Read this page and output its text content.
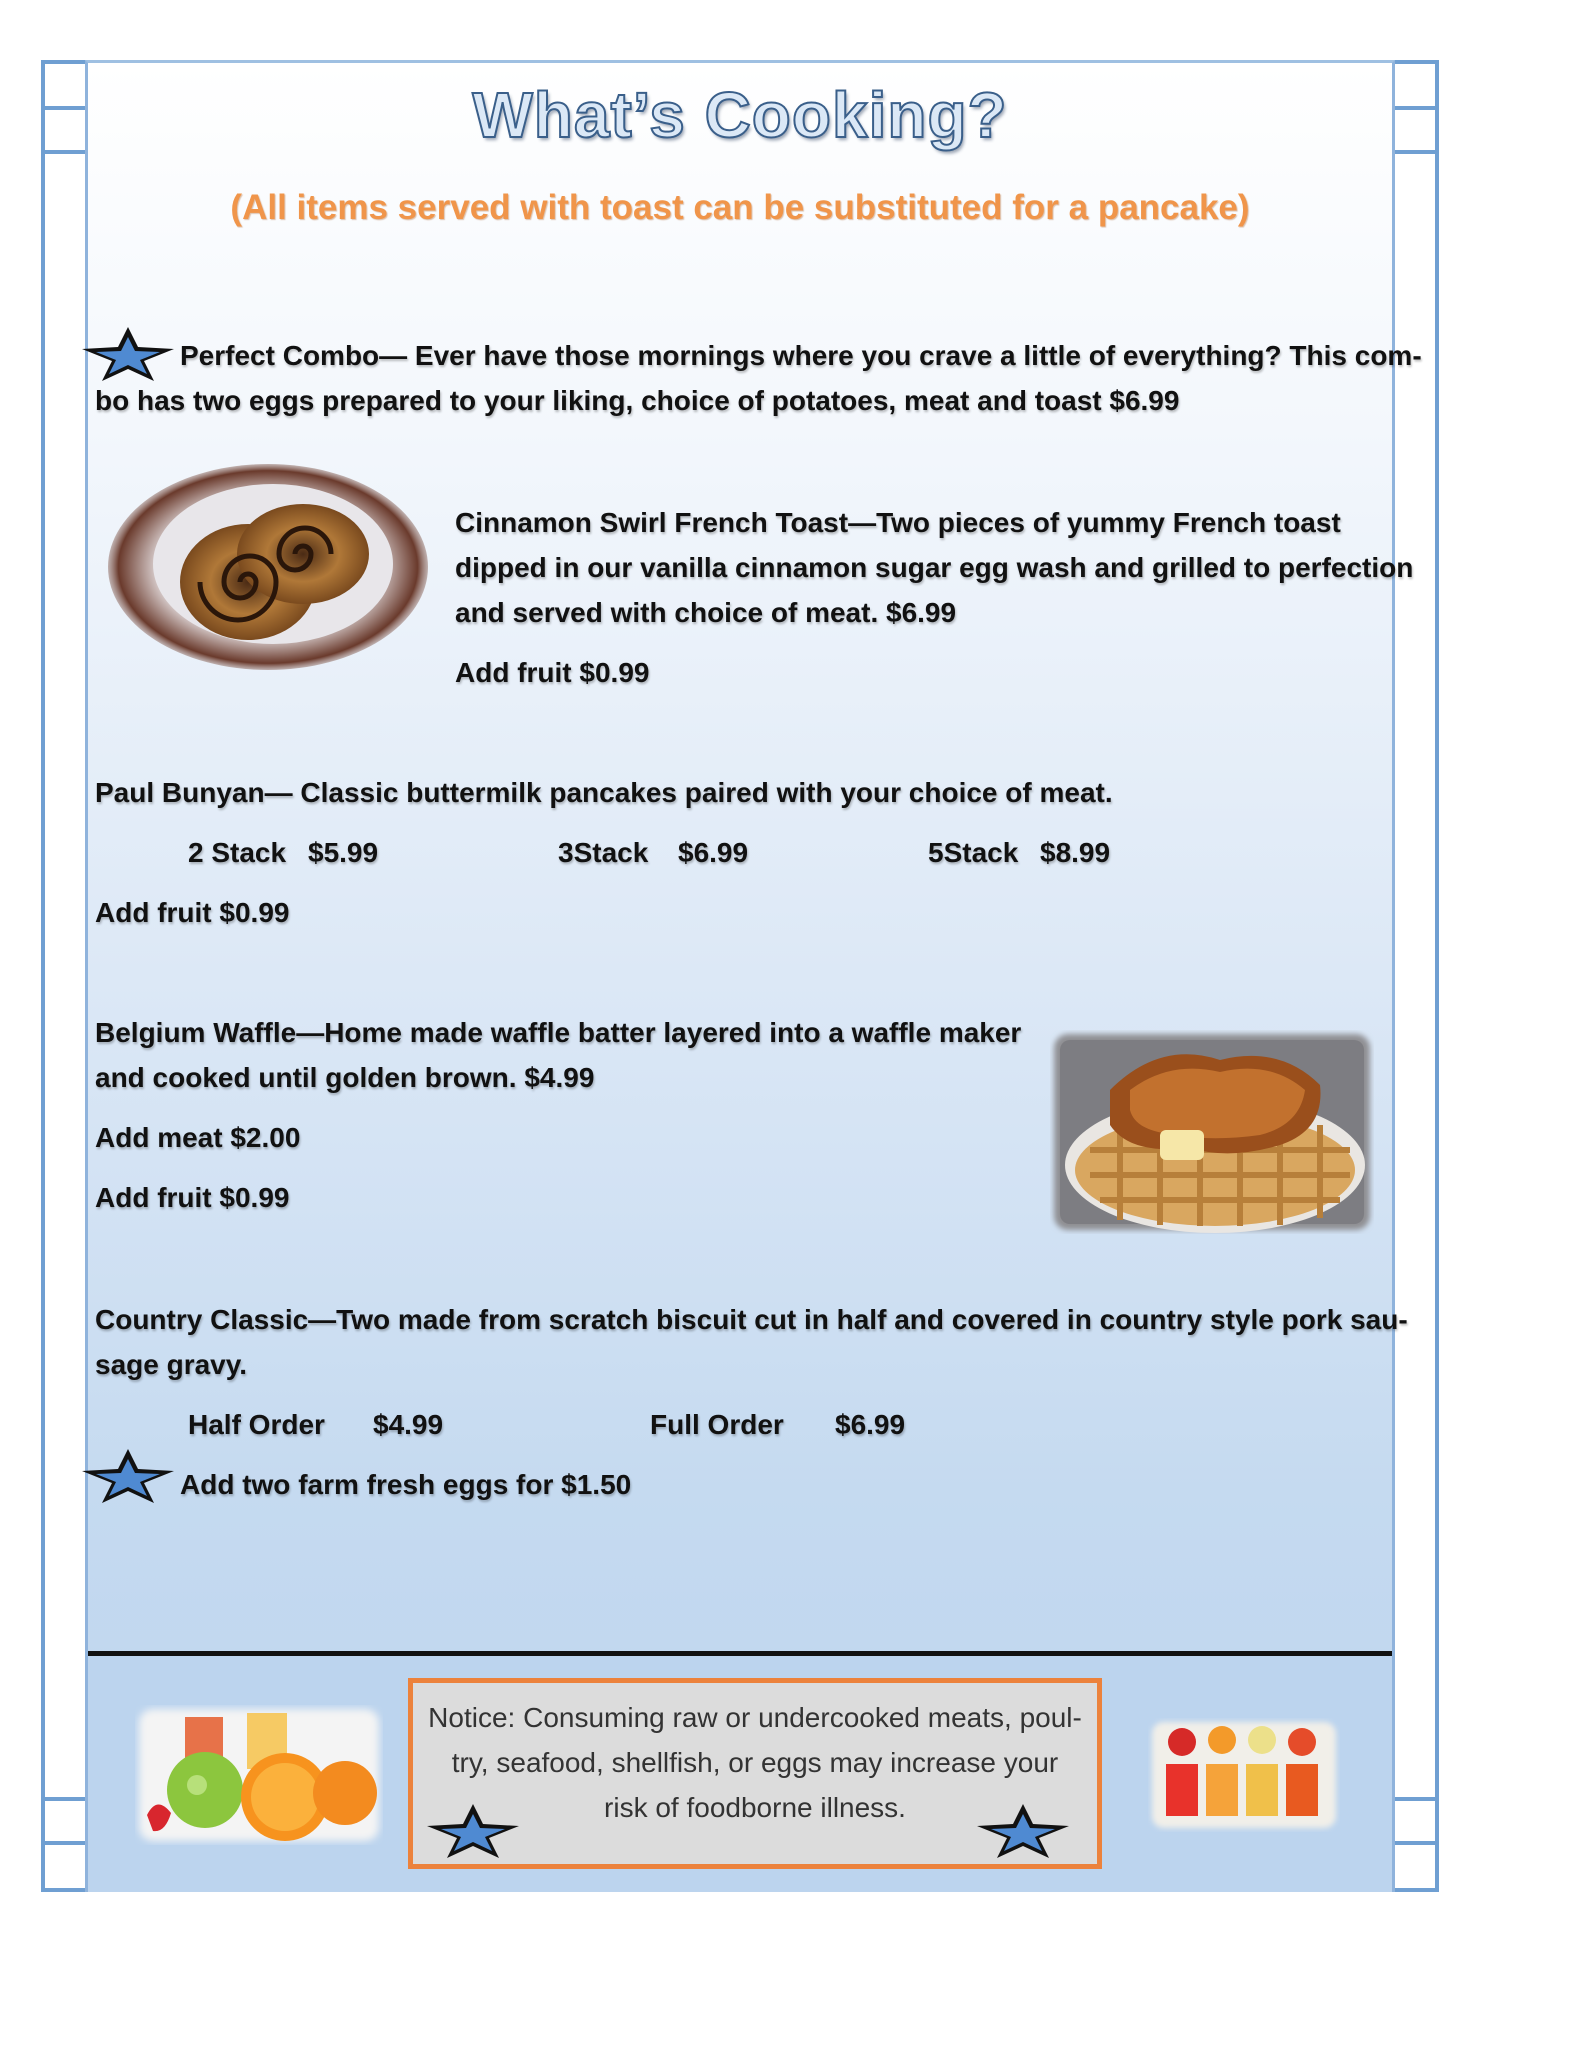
What’s Cooking?
(All items served with toast can be substituted for a pancake)
Perfect Combo— Ever have those mornings where you crave a little of everything? This com-
bo has two eggs prepared to your liking, choice of potatoes, meat and toast $6.99
Cinnamon Swirl French Toast—Two pieces of yummy French toast
dipped in our vanilla cinnamon sugar egg wash and grilled to perfection
and served with choice of meat. $6.99
Add fruit $0.99
Paul Bunyan— Classic buttermilk pancakes paired with your choice of meat.
2 Stack $5.99	3Stack $6.99	5Stack $8.99
Add fruit $0.99
Belgium Waffle—Home made waffle batter layered into a waffle maker
and cooked until golden brown. $4.99
Add meat $2.00
Add fruit $0.99
Country Classic—Two made from scratch biscuit cut in half and covered in country style pork sau-
sage gravy.
Half Order $4.99	Full Order $6.99
Add two farm fresh eggs for $1.50
Notice: Consuming raw or undercooked meats, poul-
try, seafood, shellfish, or eggs may increase your
risk of foodborne illness.
